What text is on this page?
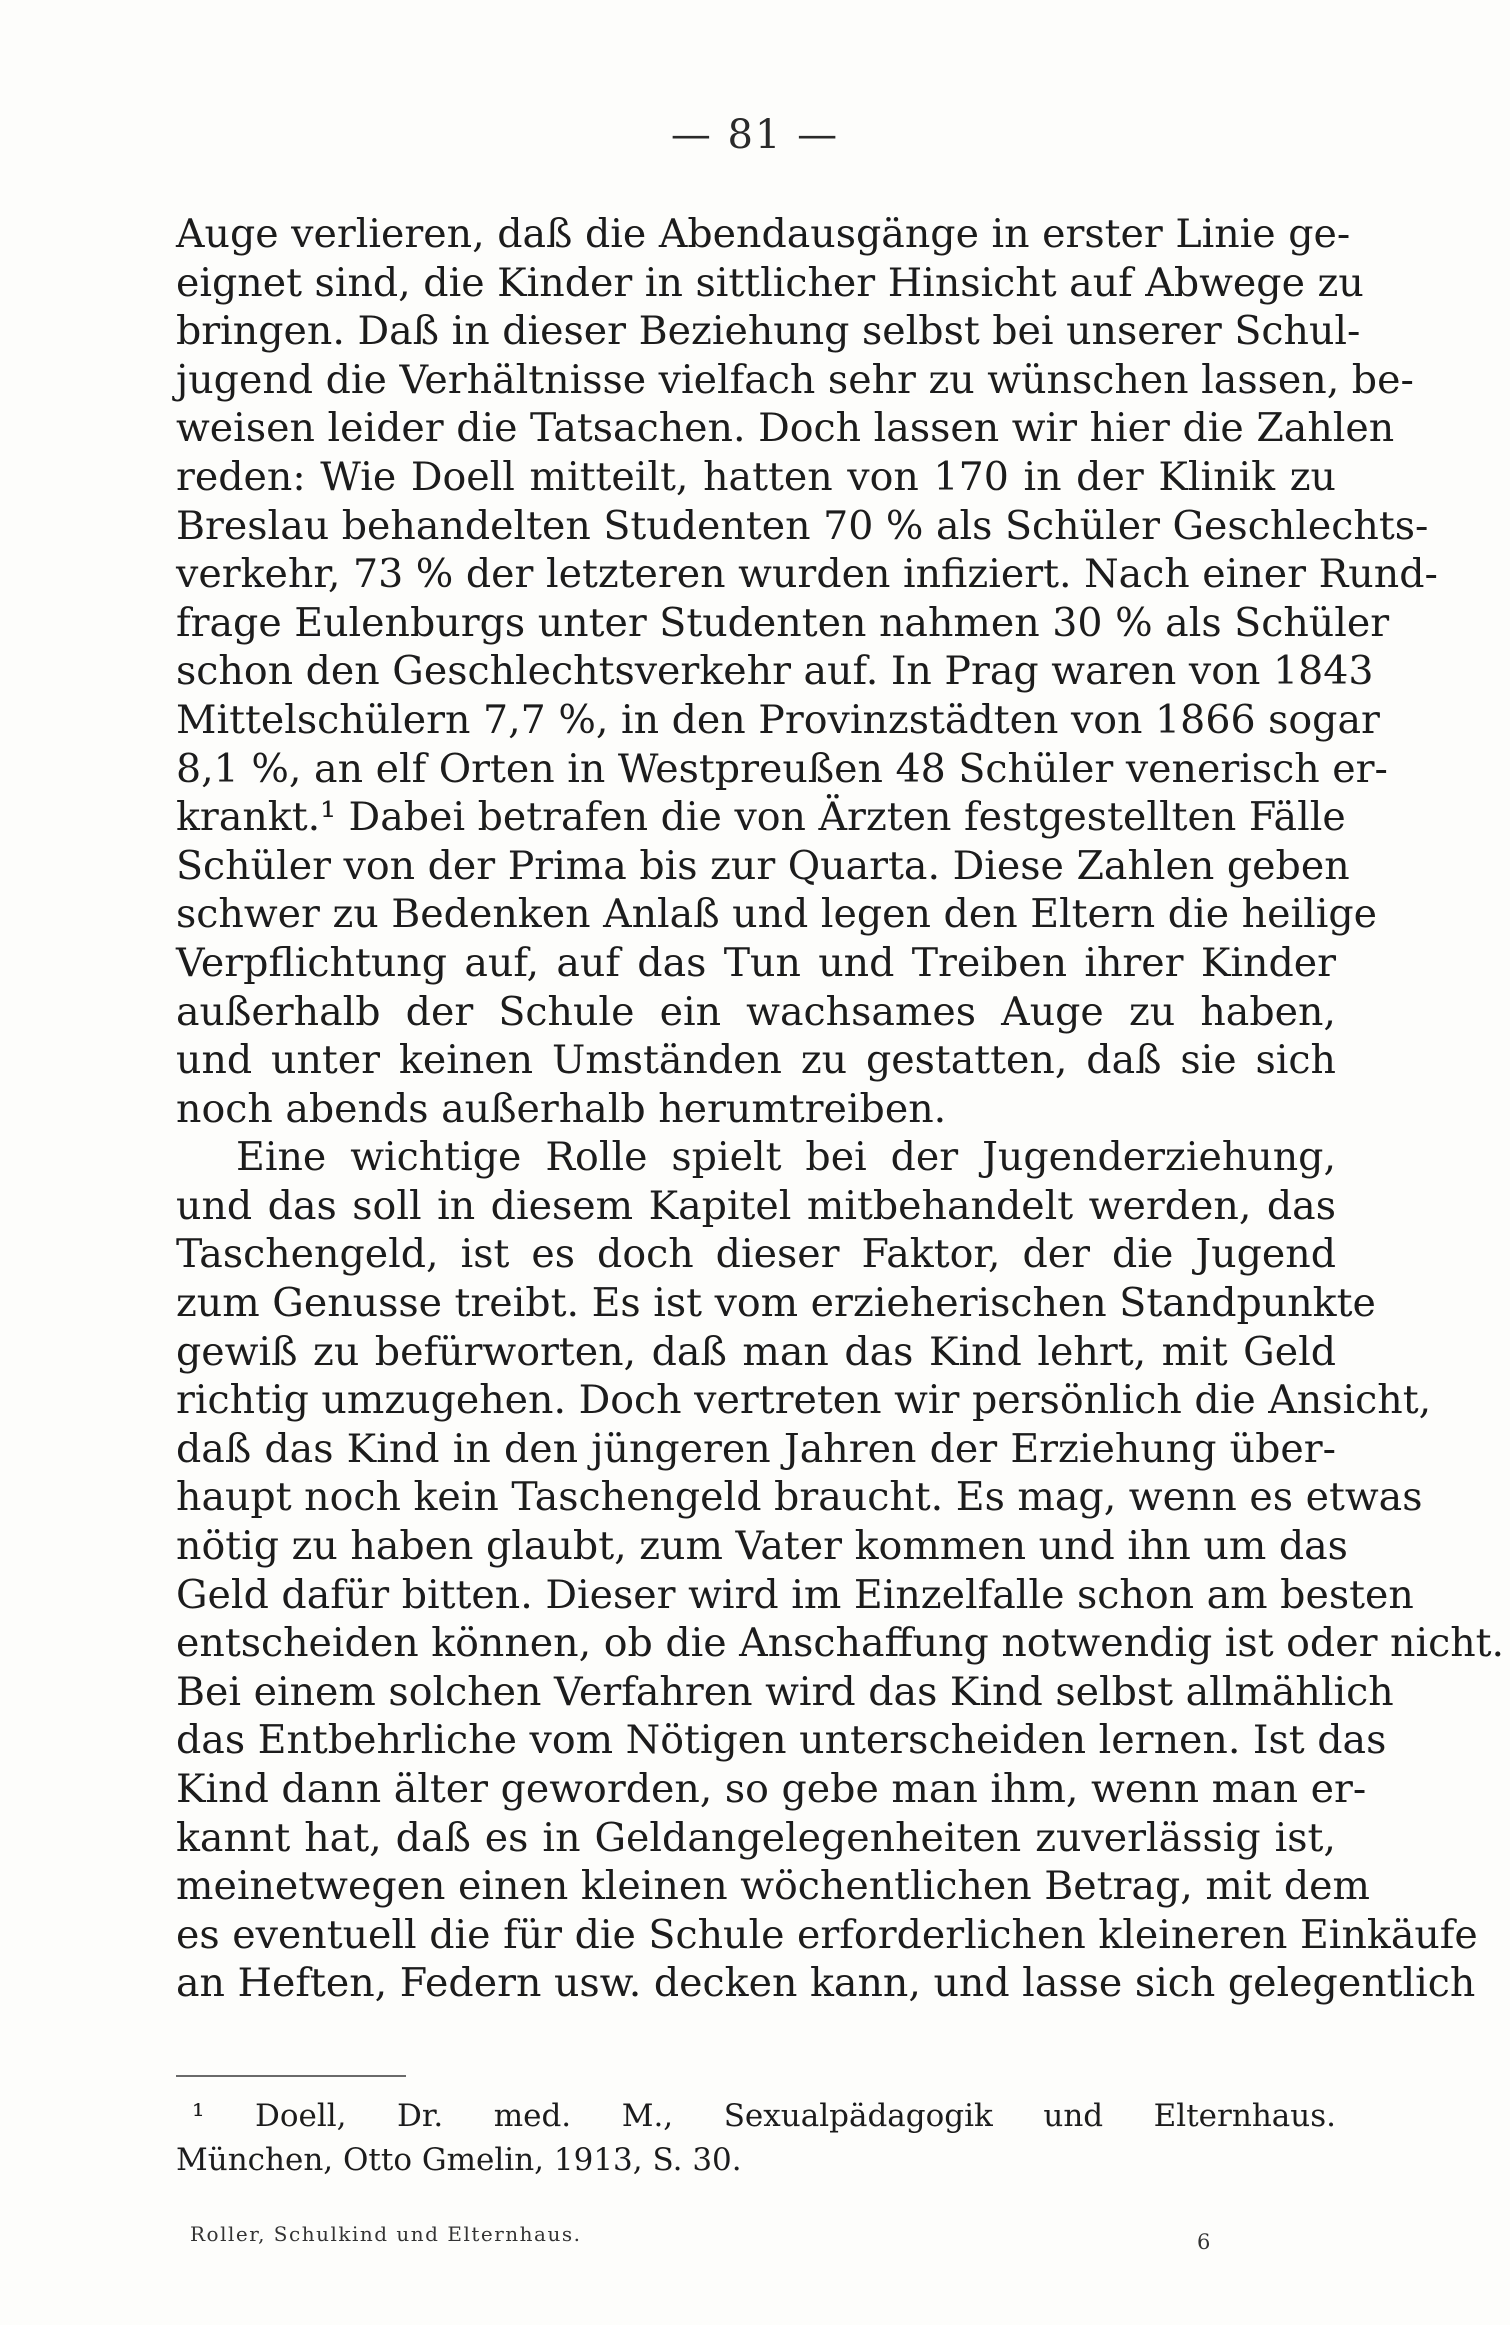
— 81 —
Auge verlieren, daß die Abendausgänge in erster Linie ge-
eignet sind, die Kinder in sittlicher Hinsicht auf Abwege zu
bringen. Daß in dieser Beziehung selbst bei unserer Schul-
jugend die Verhältnisse vielfach sehr zu wünschen lassen, be-
weisen leider die Tatsachen. Doch lassen wir hier die Zahlen
reden: Wie Doell mitteilt, hatten von 170 in der Klinik zu
Breslau behandelten Studenten 70 % als Schüler Geschlechts-
verkehr, 73 % der letzteren wurden infiziert. Nach einer Rund-
frage Eulenburgs unter Studenten nahmen 30 % als Schüler
schon den Geschlechtsverkehr auf. In Prag waren von 1843
Mittelschülern 7,7 %, in den Provinzstädten von 1866 sogar
8,1 %, an elf Orten in Westpreußen 48 Schüler venerisch er-
krankt.¹ Dabei betrafen die von Ärzten festgestellten Fälle
Schüler von der Prima bis zur Quarta. Diese Zahlen geben
schwer zu Bedenken Anlaß und legen den Eltern die heilige
Verpflichtung auf, auf das Tun und Treiben ihrer Kinder
außerhalb der Schule ein wachsames Auge zu haben,
und unter keinen Umständen zu gestatten, daß sie sich
noch abends außerhalb herumtreiben.
Eine wichtige Rolle spielt bei der Jugenderziehung,
und das soll in diesem Kapitel mitbehandelt werden, das
Taschengeld, ist es doch dieser Faktor, der die Jugend
zum Genusse treibt. Es ist vom erzieherischen Standpunkte
gewiß zu befürworten, daß man das Kind lehrt, mit Geld
richtig umzugehen. Doch vertreten wir persönlich die Ansicht,
daß das Kind in den jüngeren Jahren der Erziehung über-
haupt noch kein Taschengeld braucht. Es mag, wenn es etwas
nötig zu haben glaubt, zum Vater kommen und ihn um das
Geld dafür bitten. Dieser wird im Einzelfalle schon am besten
entscheiden können, ob die Anschaffung notwendig ist oder nicht.
Bei einem solchen Verfahren wird das Kind selbst allmählich
das Entbehrliche vom Nötigen unterscheiden lernen. Ist das
Kind dann älter geworden, so gebe man ihm, wenn man er-
kannt hat, daß es in Geldangelegenheiten zuverlässig ist,
meinetwegen einen kleinen wöchentlichen Betrag, mit dem
es eventuell die für die Schule erforderlichen kleineren Einkäufe
an Heften, Federn usw. decken kann, und lasse sich gelegentlich
¹ Doell, Dr. med. M., Sexualpädagogik und Elternhaus.
München, Otto Gmelin, 1913, S. 30.
Roller, Schulkind und Elternhaus.	6
